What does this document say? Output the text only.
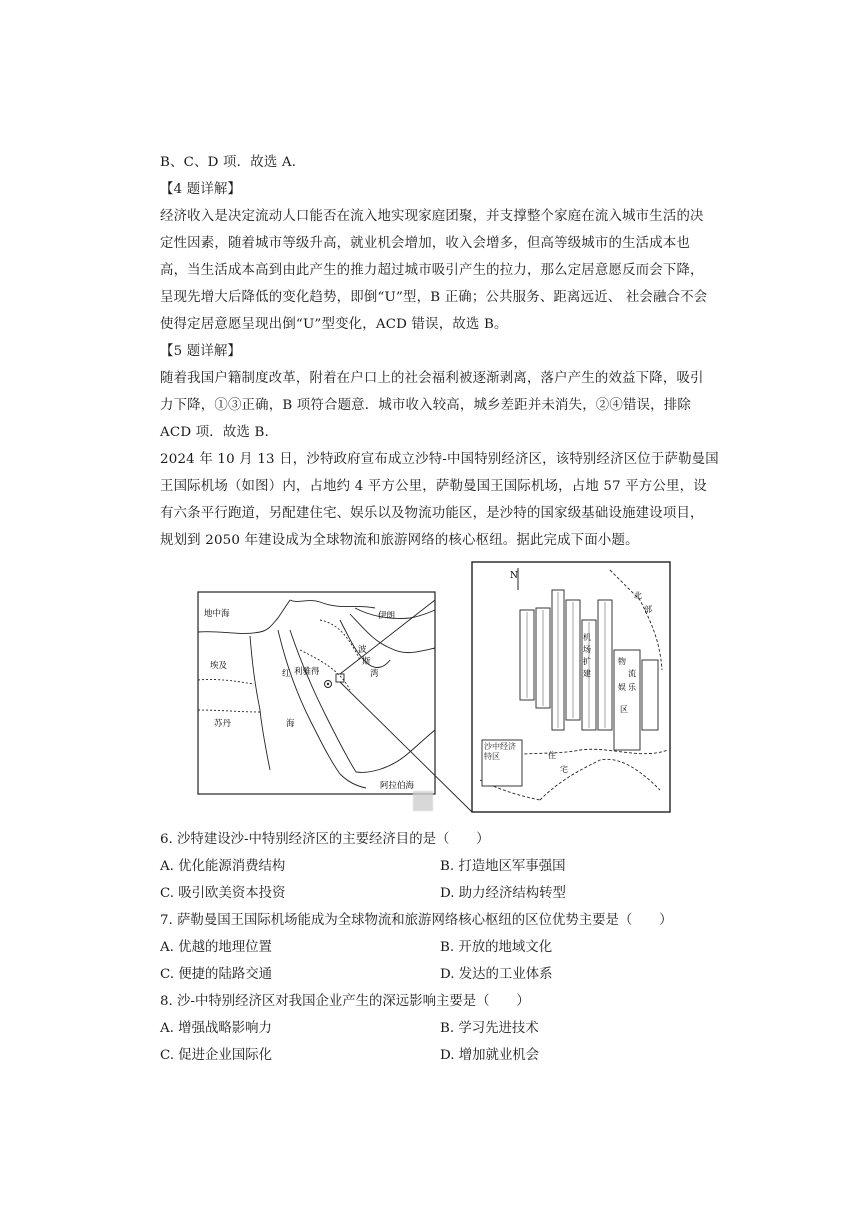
B、C、D 项．故选 A．
【4 题详解】
经济收入是决定流动人口能否在流入地实现家庭团聚，并支撑整个家庭在流入城市生活的决
定性因素，随着城市等级升高，就业机会增加，收入会增多，但高等级城市的生活成本也
高，当生活成本高到由此产生的推力超过城市吸引产生的拉力，那么定居意愿反而会下降，
呈现先增大后降低的变化趋势，即倒“U”型，B 正确；公共服务、距离远近、 社会融合不会
使得定居意愿呈现出倒“U”型变化，ACD 错误，故选 B。
【5 题详解】
随着我国户籍制度改革，附着在户口上的社会福利被逐渐剥离，落户产生的效益下降，吸引
力下降，①③正确，B 项符合题意．城市收入较高，城乡差距并未消失，②④错误，排除
ACD 项．故选 B．
2024 年 10 月 13 日，沙特政府宣布成立沙特-中国特别经济区，该特别经济区位于萨勒曼国
王国际机场（如图）内，占地约 4 平方公里，萨勒曼国王国际机场，占地 57 平方公里，设
有六条平行跑道，另配建住宅、娱乐以及物流功能区，是沙特的国家级基础设施建设项目，
规划到 2050 年建设成为全球物流和旅游网络的核心枢纽。据此完成下面小题。
地中海	伊朗
埃及
红
海
利雅得
波
斯
湾
苏丹
阿拉伯海
N
北
部
机
场
扩
建
物
流
娱 乐
区
住
宅
沙中经济特区
6. 沙特建设沙-中特别经济区的主要经济目的是（　　）
A. 优化能源消费结构	B. 打造地区军事强国
C. 吸引欧美资本投资	D. 助力经济结构转型
7. 萨勒曼国王国际机场能成为全球物流和旅游网络核心枢纽的区位优势主要是（　　）
A. 优越的地理位置	B. 开放的地域文化
C. 便捷的陆路交通	D. 发达的工业体系
8. 沙-中特别经济区对我国企业产生的深远影响主要是（　　）
A. 增强战略影响力	B. 学习先进技术
C. 促进企业国际化	D. 增加就业机会
